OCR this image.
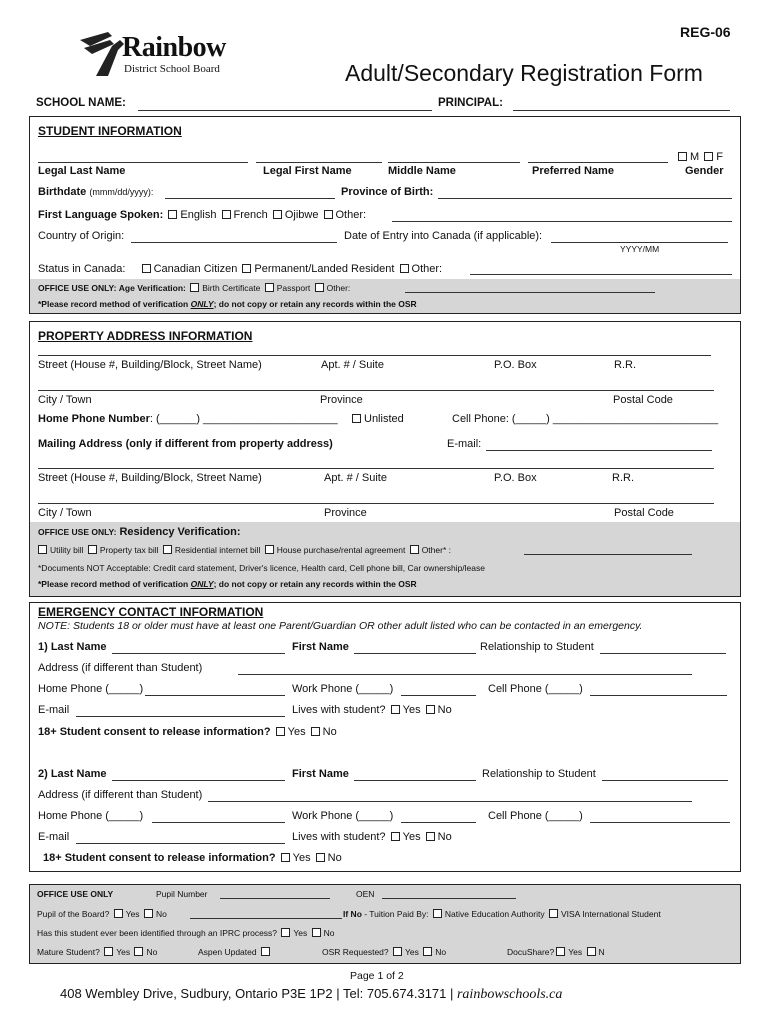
REG-06
Rainbow
District School Board	Adult/Secondary Registration Form
SCHOOL NAME:	PRINCIPAL:
STUDENT INFORMATION
M F
Legal Last Name	Legal First Name	Middle Name	Preferred Name	Gender
Birthdate (mmm/dd/yyyy):	Province of Birth:
First Language Spoken: English French Ojibwe Other:
Country of Origin:	Date of Entry into Canada (if applicable):
YYYY/MM
Status in Canada:	Canadian Citizen Permanent/Landed Resident Other:
OFFICE USE ONLY: Age Verification: Birth Certificate Passport Other:
*Please record method of verification ONLY; do not copy or retain any records within the OSR
PROPERTY ADDRESS INFORMATION
Street (House #, Building/Block, Street Name)	Apt. # / Suite	P.O. Box	R.R.
City / Town	Province	Postal Code
Home Phone Number: (______) ______________________	Unlisted	Cell Phone: (_____) ___________________________
Mailing Address (only if different from property address)	E-mail:
Street (House #, Building/Block, Street Name)	Apt. # / Suite	P.O. Box	R.R.
City / Town	Province	Postal Code
OFFICE USE ONLY: Residency Verification:
Utility bill Property tax bill Residential internet bill House purchase/rental agreement Other* :
*Documents NOT Acceptable: Credit card statement, Driver's licence, Health card, Cell phone bill, Car ownership/lease
*Please record method of verification ONLY; do not copy or retain any records within the OSR
EMERGENCY CONTACT INFORMATION
NOTE: Students 18 or older must have at least one Parent/Guardian OR other adult listed who can be contacted in an emergency.
1) Last Name	First Name	Relationship to Student
Address (if different than Student)
Home Phone (_____)	Work Phone (_____)	Cell Phone (_____)
E-mail	Lives with student? Yes No
18+ Student consent to release information? Yes No
2) Last Name	First Name	Relationship to Student
Address (if different than Student)
Home Phone (_____)	Work Phone (_____)	Cell Phone (_____)
E-mail	Lives with student? Yes No
18+ Student consent to release information? Yes No
OFFICE USE ONLY	Pupil Number	OEN
Pupil of the Board? Yes No	If No - Tuition Paid By: Native Education Authority VISA International Student
Has this student ever been identified through an IPRC process? Yes No
Mature Student? Yes No	Aspen Updated	OSR Requested? Yes No	DocuShare? Yes N
Page 1 of 2
408 Wembley Drive, Sudbury, Ontario P3E 1P2 | Tel: 705.674.3171 | rainbowschools.ca
